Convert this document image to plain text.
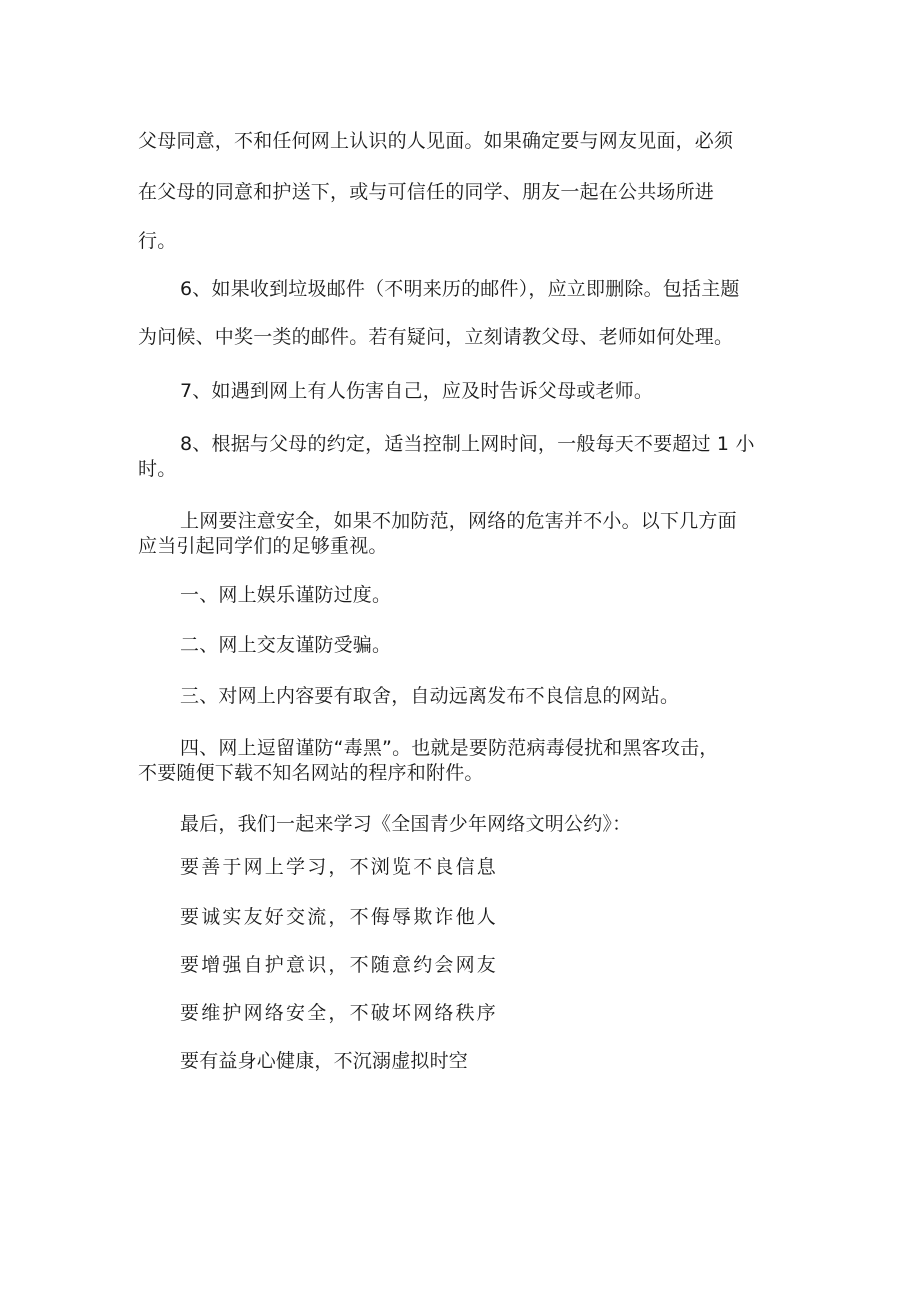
父母同意，不和任何网上认识的人见面。如果确定要与网友见面，必须
在父母的同意和护送下，或与可信任的同学、朋友一起在公共场所进
行。
6、如果收到垃圾邮件（不明来历的邮件），应立即删除。包括主题
为问候、中奖一类的邮件。若有疑问，立刻请教父母、老师如何处理。
7、如遇到网上有人伤害自己，应及时告诉父母或老师。
8、根据与父母的约定，适当控制上网时间，一般每天不要超过 1 小
时。
上网要注意安全，如果不加防范，网络的危害并不小。以下几方面
应当引起同学们的足够重视。
一、网上娱乐谨防过度。
二、网上交友谨防受骗。
三、对网上内容要有取舍，自动远离发布不良信息的网站。
四、网上逗留谨防“毒黑”。也就是要防范病毒侵扰和黑客攻击，
不要随便下载不知名网站的程序和附件。
最后，我们一起来学习《全国青少年网络文明公约》：
要善于网上学习，不浏览不良信息
要诚实友好交流，不侮辱欺诈他人
要增强自护意识，不随意约会网友
要维护网络安全，不破坏网络秩序
要有益身心健康，不沉溺虚拟时空
